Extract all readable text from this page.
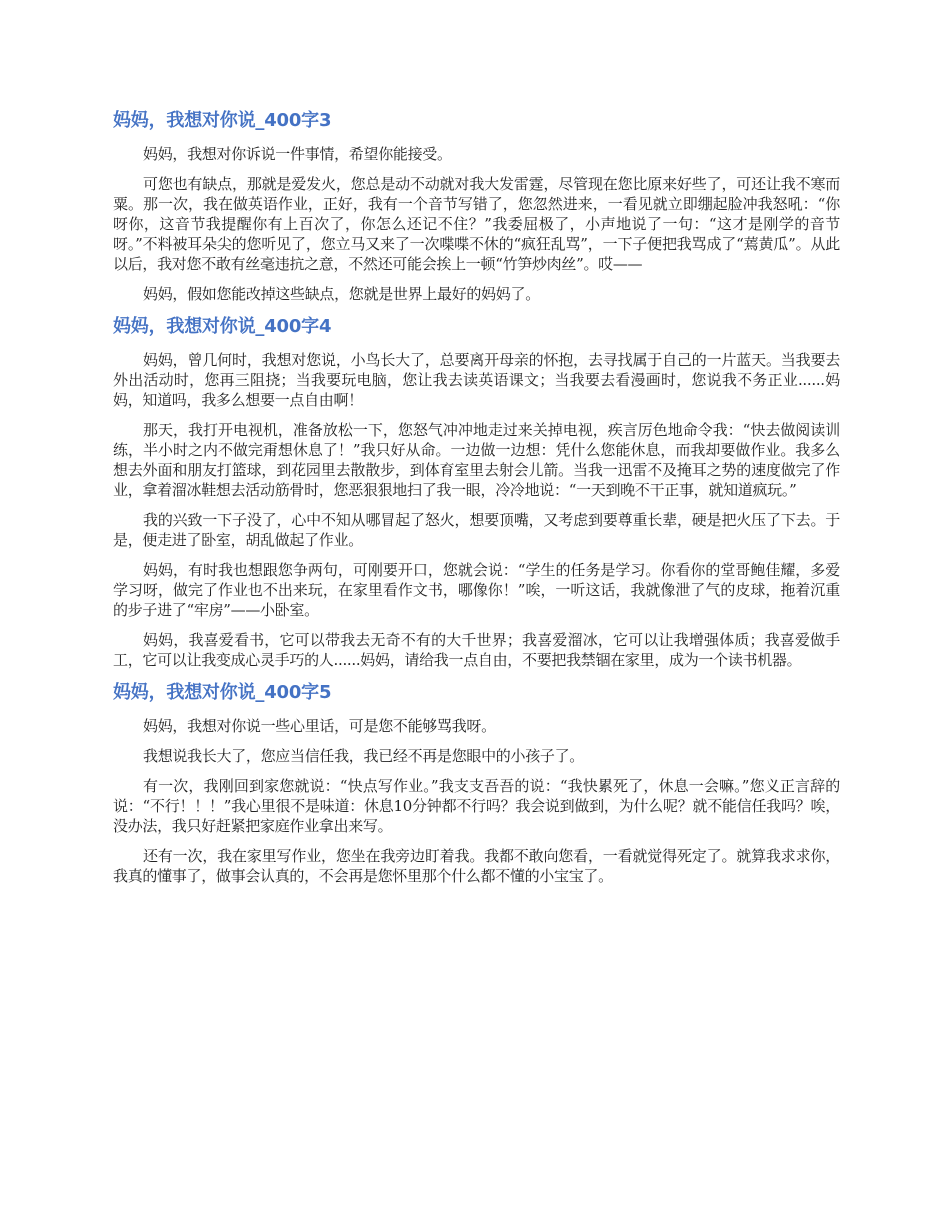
妈妈，我想对你说_400字3

妈妈，我想对你诉说一件事情，希望你能接受。

可您也有缺点，那就是爱发火，您总是动不动就对我大发雷霆，尽管现在您比原来好些了，可还让我不寒而粟。那一次，我在做英语作业，正好，我有一个音节写错了，您忽然进来，一看见就立即绷起脸冲我怒吼：“你呀你，这音节我提醒你有上百次了，你怎么还记不住？”我委屈极了，小声地说了一句：“这才是刚学的音节呀。”不料被耳朵尖的您听见了，您立马又来了一次喋喋不休的“疯狂乱骂”，一下子便把我骂成了“蔫黄瓜”。从此以后，我对您不敢有丝毫违抗之意，不然还可能会挨上一顿“竹笋炒肉丝”。哎——

妈妈，假如您能改掉这些缺点，您就是世界上最好的妈妈了。

妈妈，我想对你说_400字4

妈妈，曾几何时，我想对您说，小鸟长大了，总要离开母亲的怀抱，去寻找属于自己的一片蓝天。当我要去外出活动时，您再三阻挠；当我要玩电脑，您让我去读英语课文；当我要去看漫画时，您说我不务正业......妈妈，知道吗，我多么想要一点自由啊！

那天，我打开电视机，准备放松一下，您怒气冲冲地走过来关掉电视，疾言厉色地命令我：“快去做阅读训练，半小时之内不做完甭想休息了！”我只好从命。一边做一边想：凭什么您能休息，而我却要做作业。我多么想去外面和朋友打篮球，到花园里去散散步，到体育室里去射会儿箭。当我一迅雷不及掩耳之势的速度做完了作业，拿着溜冰鞋想去活动筋骨时，您恶狠狠地扫了我一眼，冷冷地说：“一天到晚不干正事，就知道疯玩。”

我的兴致一下子没了，心中不知从哪冒起了怒火，想要顶嘴，又考虑到要尊重长辈，硬是把火压了下去。于是，便走进了卧室，胡乱做起了作业。

妈妈，有时我也想跟您争两句，可刚要开口，您就会说：“学生的任务是学习。你看你的堂哥鲍佳耀，多爱学习呀，做完了作业也不出来玩，在家里看作文书，哪像你！”唉，一听这话，我就像泄了气的皮球，拖着沉重的步子进了“牢房”——小卧室。

妈妈，我喜爱看书，它可以带我去无奇不有的大千世界；我喜爱溜冰，它可以让我增强体质；我喜爱做手工，它可以让我变成心灵手巧的人......妈妈，请给我一点自由，不要把我禁锢在家里，成为一个读书机器。

妈妈，我想对你说_400字5

妈妈，我想对你说一些心里话，可是您不能够骂我呀。

我想说我长大了，您应当信任我，我已经不再是您眼中的小孩子了。

有一次，我刚回到家您就说：“快点写作业。”我支支吾吾的说：“我快累死了，休息一会嘛。”您义正言辞的说：“不行！！！”我心里很不是味道：休息10分钟都不行吗？我会说到做到，为什么呢？就不能信任我吗？唉，没办法，我只好赶紧把家庭作业拿出来写。

还有一次，我在家里写作业，您坐在我旁边盯着我。我都不敢向您看，一看就觉得死定了。就算我求求你，我真的懂事了，做事会认真的，不会再是您怀里那个什么都不懂的小宝宝了。
